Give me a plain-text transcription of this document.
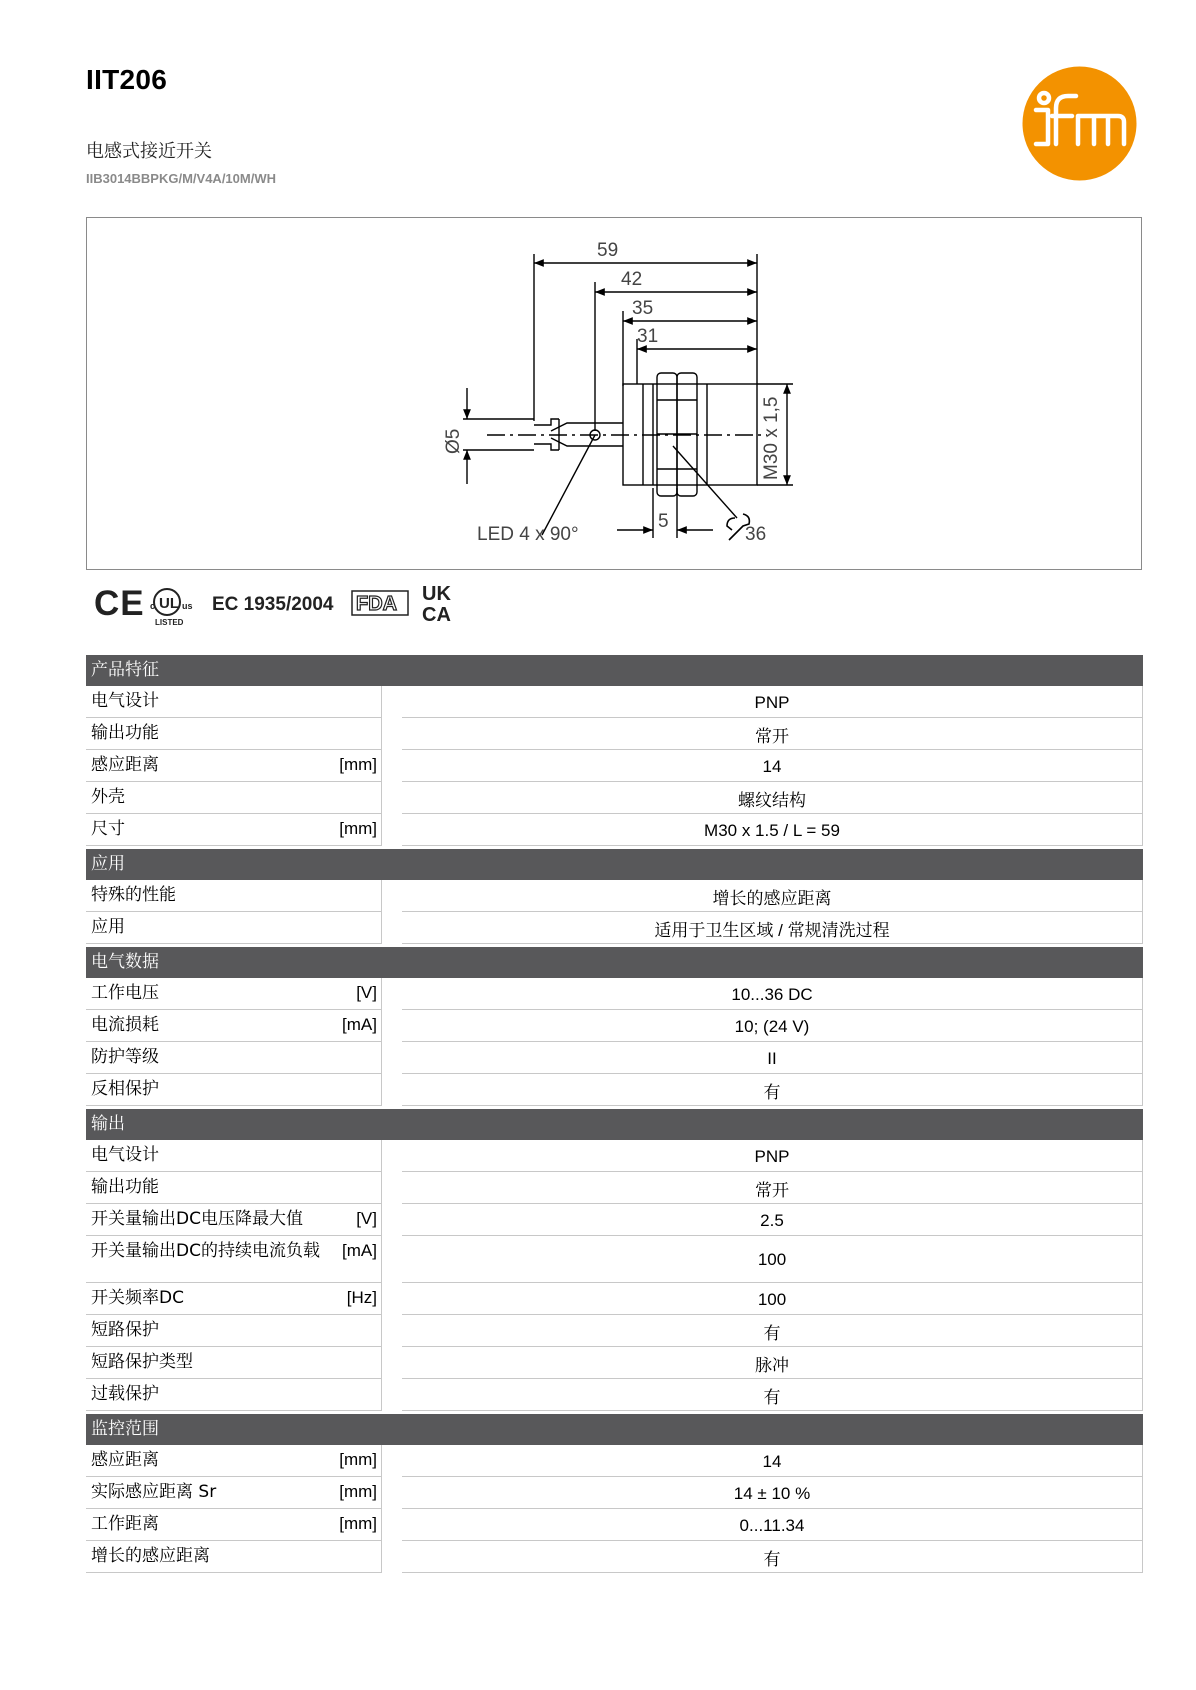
IIT206
电感式接近开关
IIB3014BBPKG/M/V4A/10M/WH
59
42
35
31
Ø5	M30 x 1,5
5
36
LED 4 x 90°
CE c UL us
LISTED
EC 1935/2004 FDA UK
CA
产品特征
电气设计	PNP
输出功能	常开
感应距离	[mm]	14
外壳	螺纹结构
尺寸	[mm]	M30 x 1.5 / L = 59
应用
特殊的性能	增长的感应距离
应用	适用于卫生区域 / 常规清洗过程
电气数据
工作电压	[V]	10...36 DC
电流损耗	[mA]	10; (24 V)
防护等级	II
反相保护	有
输出
电气设计	PNP
输出功能	常开
开关量输出DC电压降最大值	[V]	2.5
开关量输出DC的持续电流负载	[mA]	100
开关频率DC	[Hz]	100
短路保护	有
短路保护类型	脉冲
过载保护	有
监控范围
感应距离	[mm]	14
实际感应距离 Sr	[mm]	14 ± 10 %
工作距离	[mm]	0...11.34
增长的感应距离	有
